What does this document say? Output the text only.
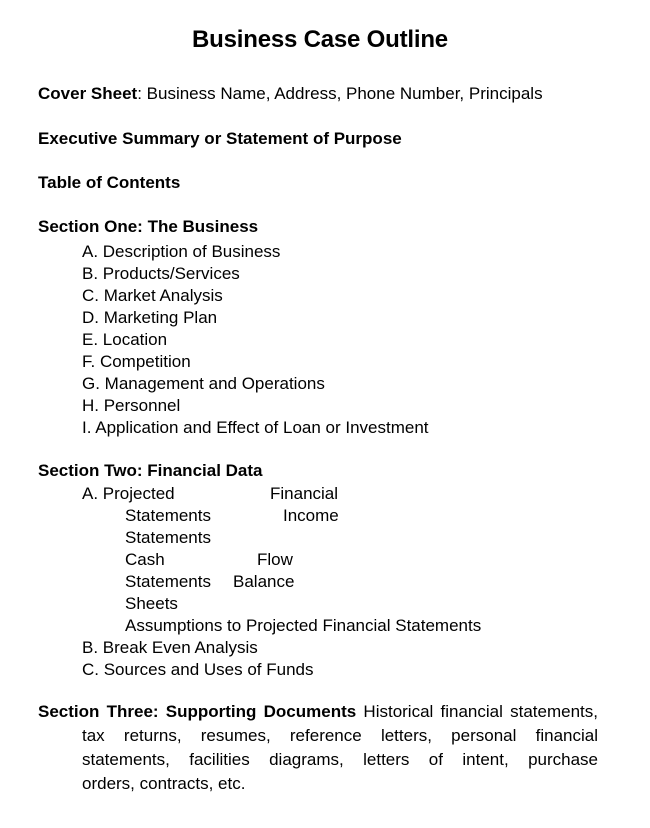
Business Case Outline
Cover Sheet: Business Name, Address, Phone Number, Principals
Executive Summary or Statement of Purpose
Table of Contents
Section One: The Business
A. Description of Business
B. Products/Services
C. Market Analysis
D. Marketing Plan
E. Location
F. Competition
G. Management and Operations
H. Personnel
I. Application and Effect of Loan or Investment
Section Two: Financial Data
A. Projected	Financial
Statements	Income
Statements
Cash	Flow
Statements Balance
Sheets
Assumptions to Projected Financial Statements
B. Break Even Analysis
C. Sources and Uses of Funds
Section Three: Supporting Documents Historical financial statements,
tax returns, resumes, reference letters, personal financial
statements, facilities diagrams, letters of intent, purchase
orders, contracts, etc.
